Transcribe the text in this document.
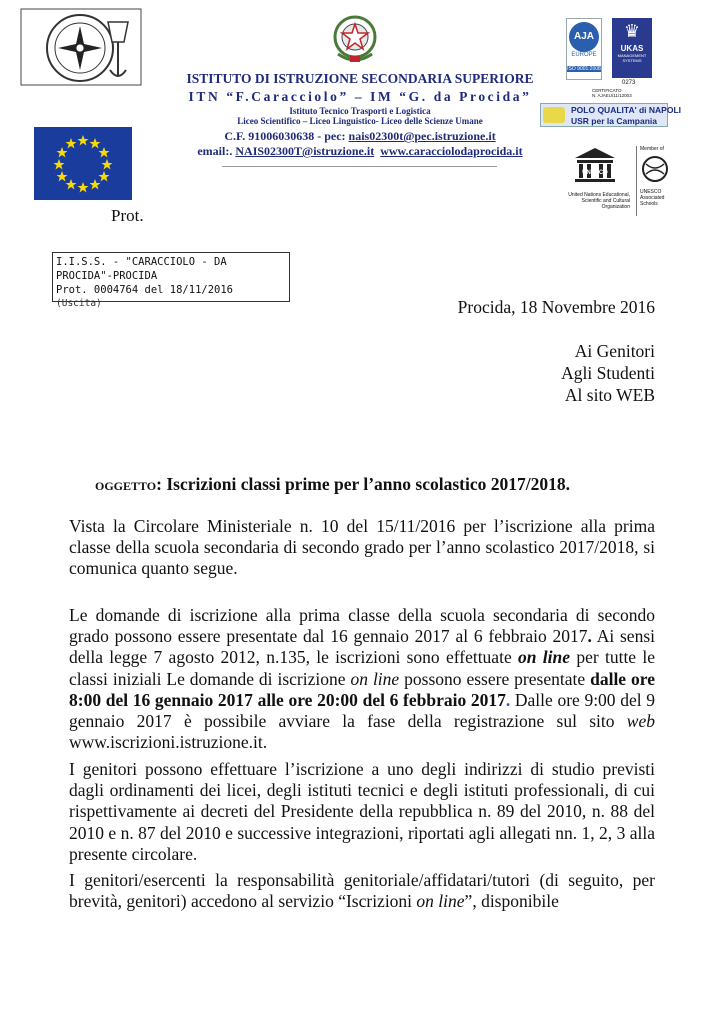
ISTITUTO DI ISTRUZIONE SECONDARIA SUPERIORE
ITN “F.Caracciolo” – IM “G. da Procida”
Istituto Tecnico Trasporti e Logistica
Liceo Scientifico – Liceo Linguistico- Liceo delle Scienze Umane
C.F. 91006030638 - pec: nais02300t@pec.istruzione.it
email:. NAIS02300T@istruzione.it www.caracciolodaprocida.it
AJA
EUROPE
ISO 9001:2008
♛
UKAS
MANAGEMENT SYSTEMS
0273
CERTIFICATO
N. AJAEU/11/12003
POLO QUALITA' di NAPOLI
USR per la Campania
UNESCO
United Nations Educational, Scientific and Cultural Organization
Member of
UNESCO Associated Schools
Prot.
I.I.S.S. - "CARACCIOLO - DA PROCIDA"-PROCIDA
Prot. 0004764 del 18/11/2016
(Uscita)	Procida, 18 Novembre 2016
Ai Genitori
Agli Studenti
Al sito WEB
OGGETTO: Iscrizioni classi prime per l’anno scolastico 2017/2018.
Vista la Circolare Ministeriale n. 10 del 15/11/2016 per l’iscrizione alla prima classe della scuola secondaria di secondo grado per l’anno scolastico 2017/2018, si comunica quanto segue.
Le domande di iscrizione alla prima classe della scuola secondaria di secondo grado possono essere presentate dal 16 gennaio 2017 al 6 febbraio 2017. Ai sensi della legge 7 agosto 2012, n.135, le iscrizioni sono effettuate on line per tutte le classi iniziali Le domande di iscrizione on line possono essere presentate dalle ore 8:00 del 16 gennaio 2017 alle ore 20:00 del 6 febbraio 2017. Dalle ore 9:00 del 9 gennaio 2017 è possibile avviare la fase della registrazione sul sito web www.iscrizioni.istruzione.it.
I genitori possono effettuare l’iscrizione a uno degli indirizzi di studio previsti dagli ordinamenti dei licei, degli istituti tecnici e degli istituti professionali, di cui rispettivamente ai decreti del Presidente della repubblica n. 89 del 2010, n. 88 del 2010 e n. 87 del 2010 e successive integrazioni, riportati agli allegati nn. 1, 2, 3 alla presente circolare.
I genitori/esercenti la responsabilità genitoriale/affidatari/tutori (di seguito, per brevità, genitori) accedono al servizio “Iscrizioni on line”, disponibile
